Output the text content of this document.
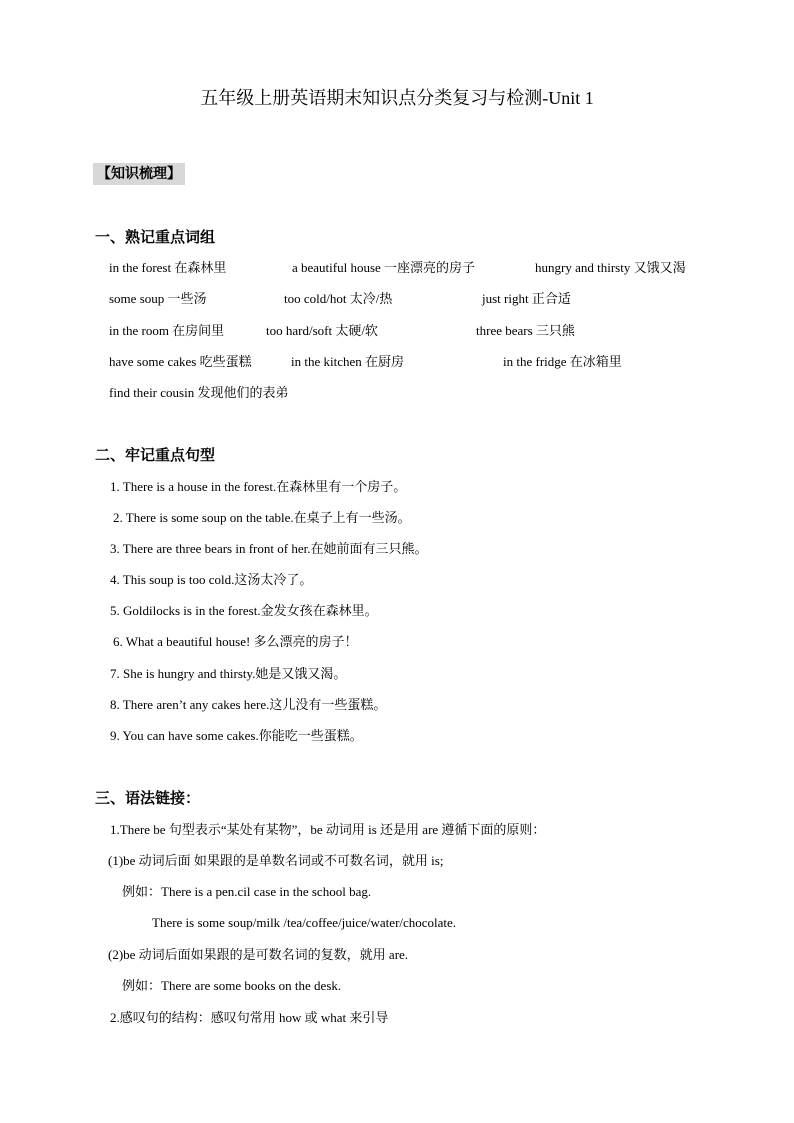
五年级上册英语期末知识点分类复习与检测-Unit 1
【知识梳理】
一、熟记重点词组
in the forest 在森林里	a beautiful house 一座漂亮的房子	hungry and thirsty 又饿又渴
some soup 一些汤	too cold/hot 太冷/热	just right 正合适
in the room 在房间里	too hard/soft 太硬/软	three bears 三只熊
have some cakes 吃些蛋糕	in the kitchen 在厨房	in the fridge 在冰箱里
find their cousin 发现他们的表弟
二、牢记重点句型
1. There is a house in the forest.在森林里有一个房子。
2. There is some soup on the table.在桌子上有一些汤。
3. There are three bears in front of her.在她前面有三只熊。
4. This soup is too cold.这汤太冷了。
5. Goldilocks is in the forest.金发女孩在森林里。
6. What a beautiful house! 多么漂亮的房子！
7. She is hungry and thirsty.她是又饿又渴。
8. There aren’t any cakes here.这儿没有一些蛋糕。
9. You can have some cakes.你能吃一些蛋糕。
三、语法链接：
1.There be 句型表示“某处有某物”，be 动词用 is 还是用 are 遵循下面的原则：
(1)be 动词后面 如果跟的是单数名词或不可数名词，就用 is;
例如：There is a pen.cil case in the school bag.
There is some soup/milk /tea/coffee/juice/water/chocolate.
(2)be 动词后面如果跟的是可数名词的复数，就用 are.
例如：There are some books on the desk.
2.感叹句的结构：感叹句常用 how 或 what 来引导
